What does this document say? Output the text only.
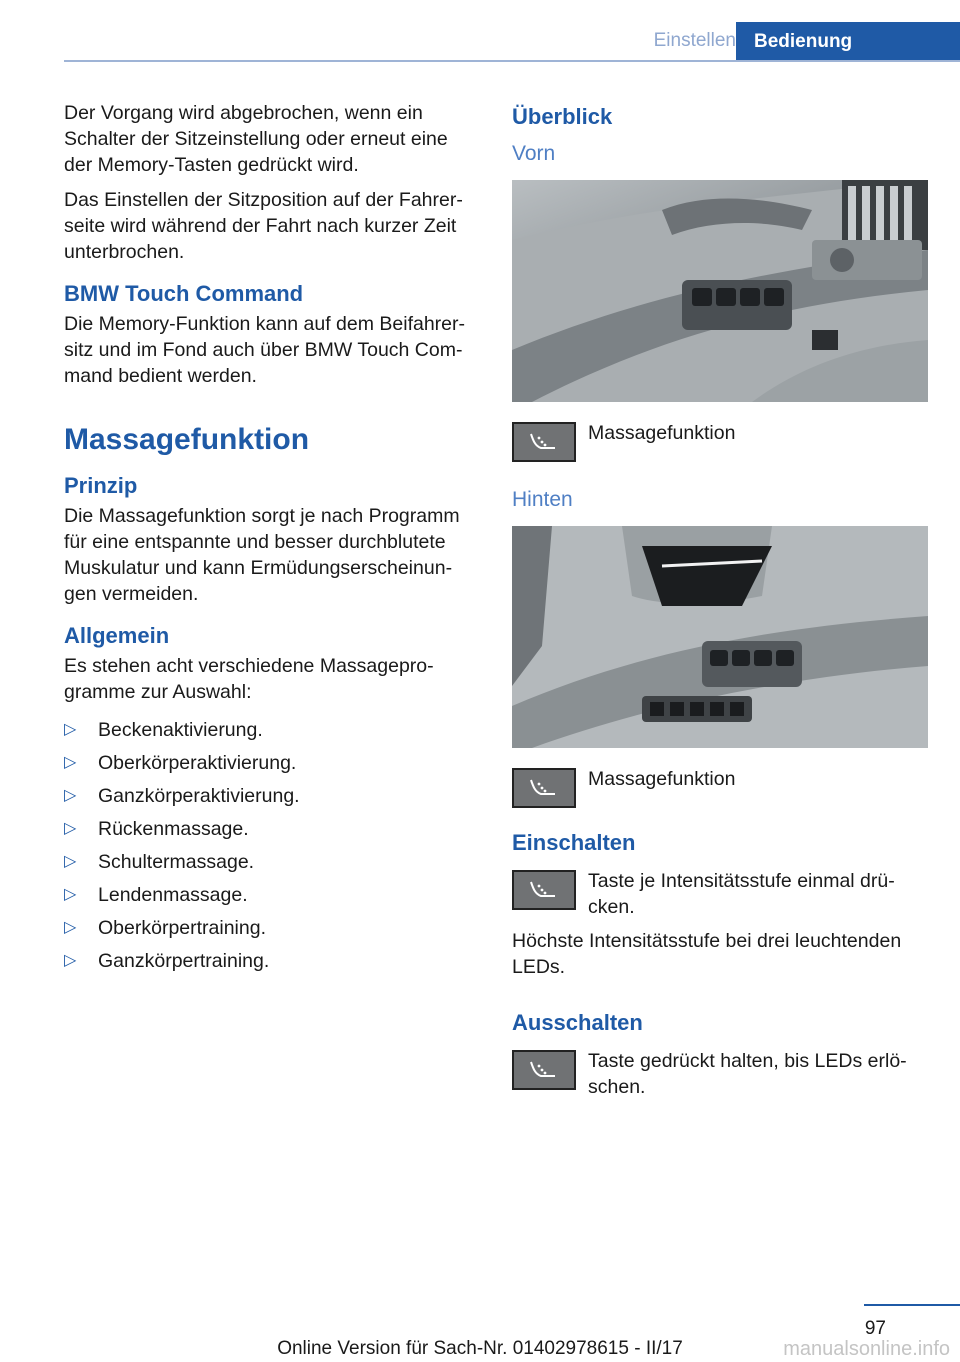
Einstellen Bedienung

Der Vorgang wird abgebrochen, wenn ein Schalter der Sitzeinstellung oder erneut eine der Memory-Tasten gedrückt wird.

Das Einstellen der Sitzposition auf der Fahrerseite wird während der Fahrt nach kurzer Zeit unterbrochen.

BMW Touch Command

Die Memory-Funktion kann auf dem Beifahrersitz und im Fond auch über BMW Touch Command bedient werden.

Massagefunktion
Prinzip

Die Massagefunktion sorgt je nach Programm für eine entspannte und besser durchblutete Muskulatur und kann Ermüdungserscheinungen vermeiden.

Allgemein

Es stehen acht verschiedene Massageprogramme zur Auswahl:

▷ Beckenaktivierung.
▷ Oberkörperaktivierung.
▷ Ganzkörperaktivierung.
▷ Rückenmassage.
▷ Schultermassage.
▷ Lendenmassage.
▷ Oberkörpertraining.
▷ Ganzkörpertraining.
Überblick
Vorn
Massagefunktion
Hinten
Massagefunktion
Einschalten
Taste je Intensitätsstufe einmal drücken.

Höchste Intensitätsstufe bei drei leuchtenden LEDs.

Ausschalten
Taste gedrückt halten, bis LEDs erlöschen.
97
Online Version für Sach-Nr. 01402978615 - II/17	manualsonline.info
